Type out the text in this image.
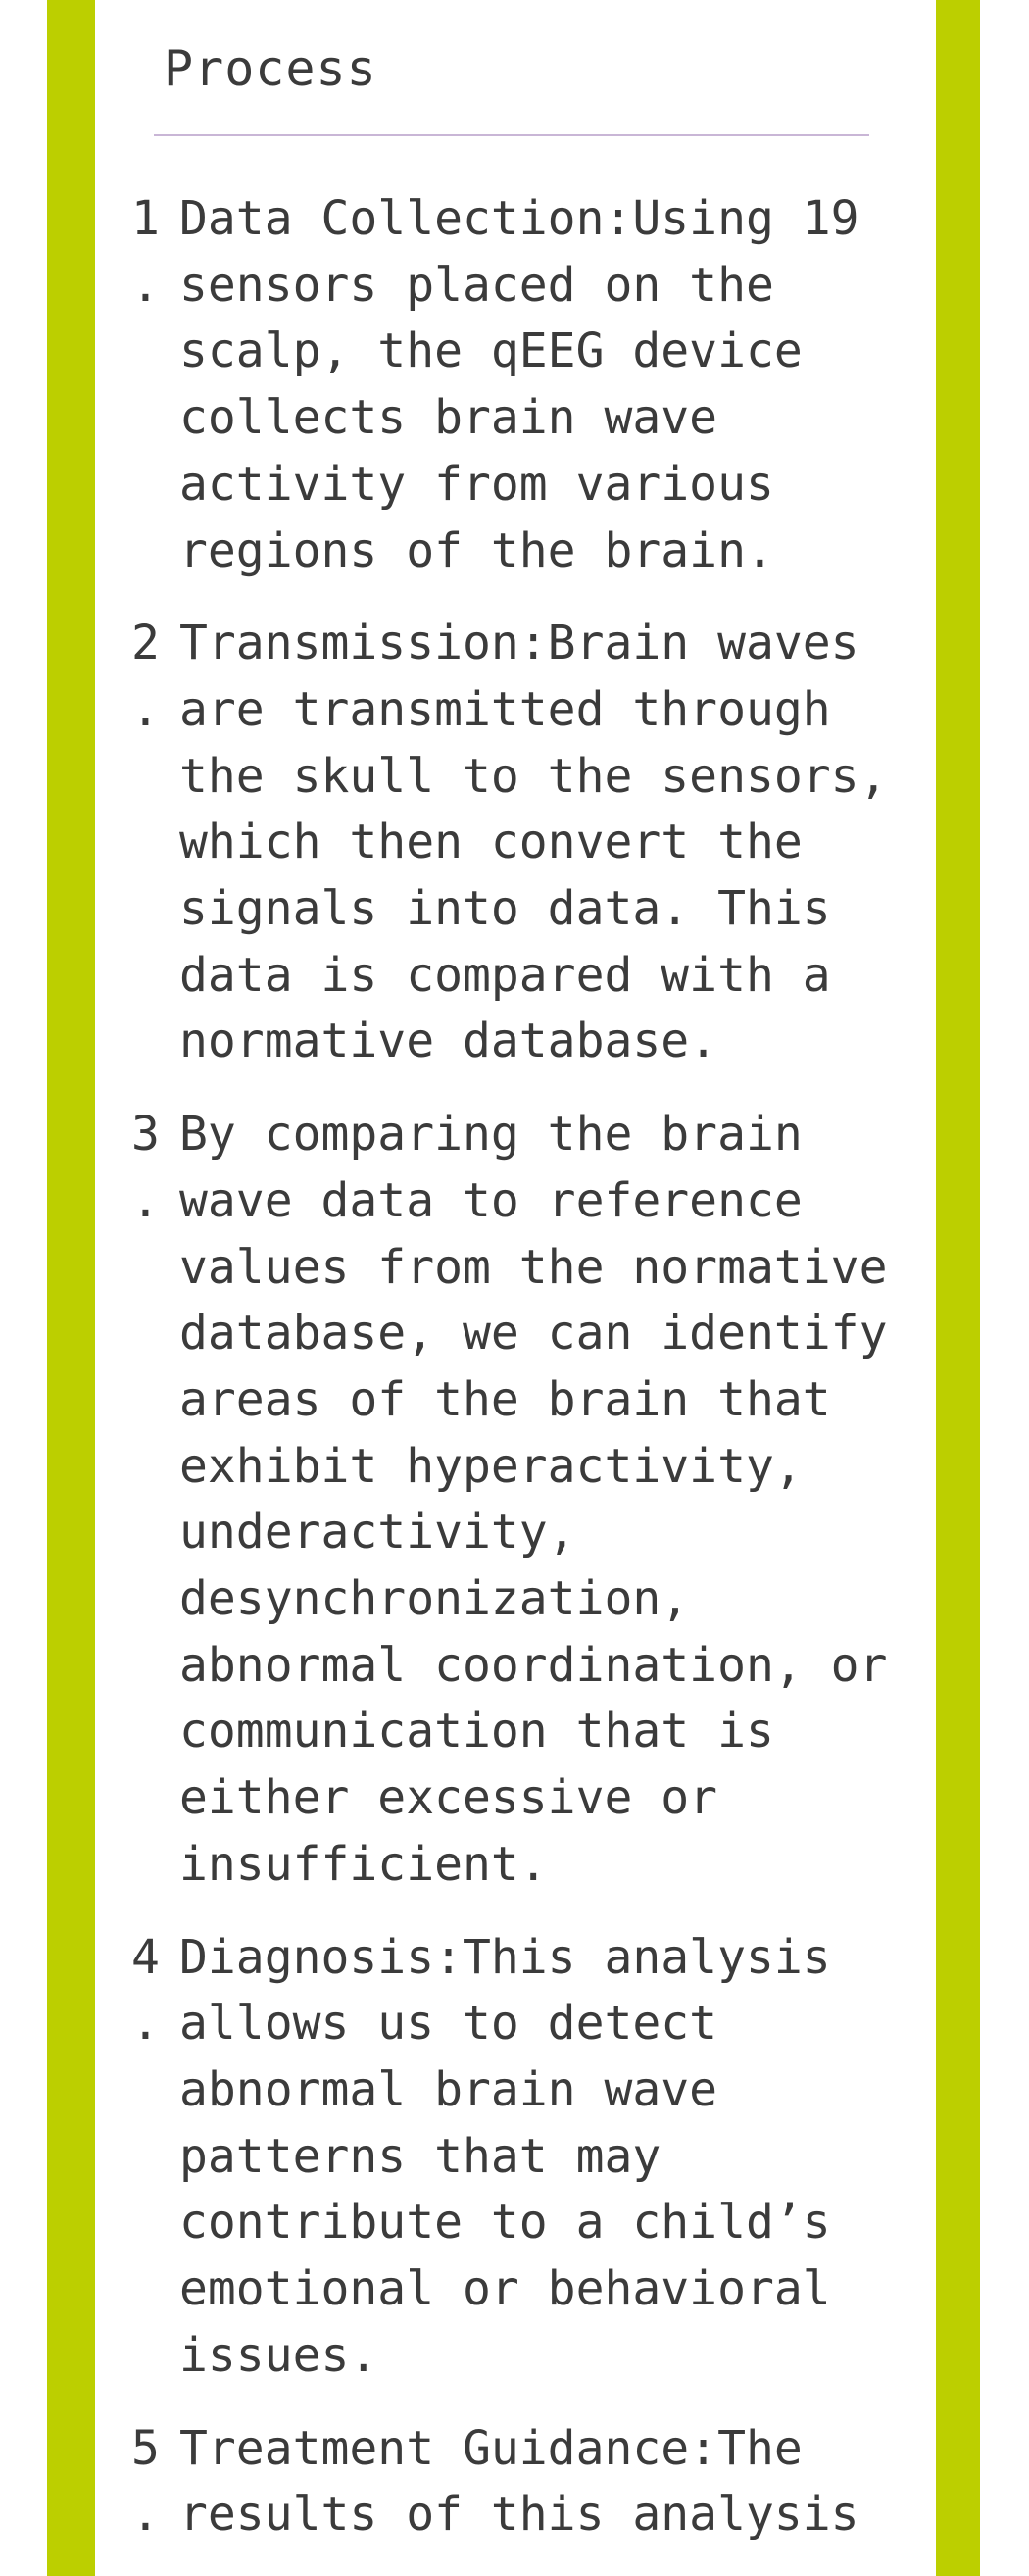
Process
1.
Data Collection:Using 19 sensors placed on the scalp, the qEEG device collects brain wave activity from various regions of the brain.
2.
Transmission:Brain waves are transmitted through the skull to the sensors, which then convert the signals into data. This data is compared with a normative database.
3.
By comparing the brain wave data to reference values from the normative database, we can identify areas of the brain that exhibit hyperactivity, underactivity, desynchronization, abnormal coordination, or communication that is either excessive or insufficient.
4.
Diagnosis:This analysis allows us to detect abnormal brain wave patterns that may contribute to a child’s emotional or behavioral issues.
5.
Treatment Guidance:The results of this analysis
